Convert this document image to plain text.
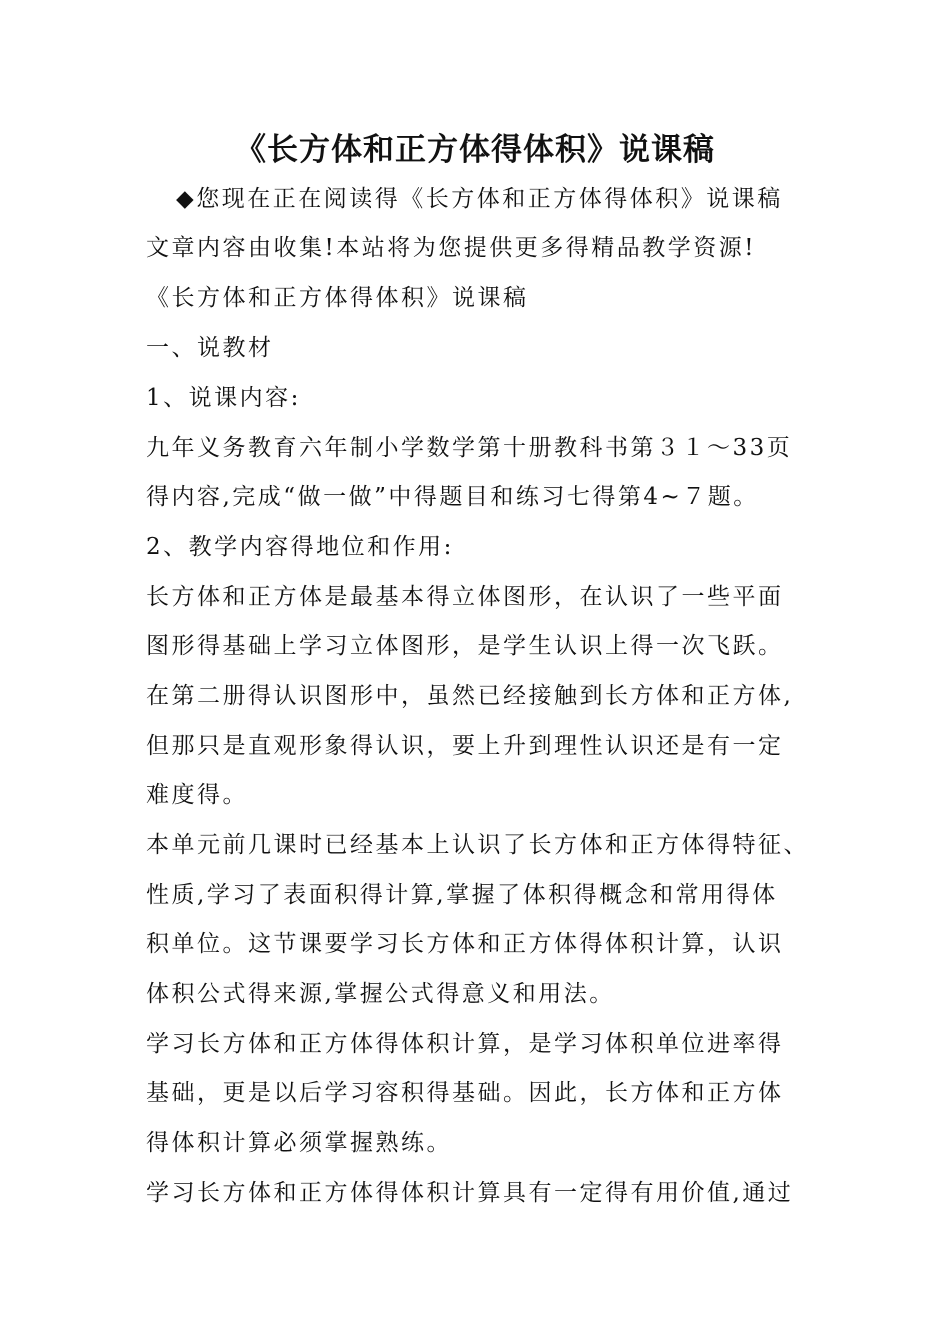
《长方体和正方体得体积》说课稿
◆您现在正在阅读得《长方体和正方体得体积》说课稿
文章内容由收集!本站将为您提供更多得精品教学资源!
《长方体和正方体得体积》说课稿
一、说教材
1、说课内容:
九年义务教育六年制小学数学第十册教科书第３１～33页
得内容,完成“做一做”中得题目和练习七得第4~７题。
2、教学内容得地位和作用:
长方体和正方体是最基本得立体图形，在认识了一些平面
图形得基础上学习立体图形，是学生认识上得一次飞跃。
在第二册得认识图形中，虽然已经接触到长方体和正方体,
但那只是直观形象得认识，要上升到理性认识还是有一定
难度得。
本单元前几课时已经基本上认识了长方体和正方体得特征、
性质,学习了表面积得计算,掌握了体积得概念和常用得体
积单位。这节课要学习长方体和正方体得体积计算，认识
体积公式得来源,掌握公式得意义和用法。
学习长方体和正方体得体积计算，是学习体积单位进率得
基础，更是以后学习容积得基础。因此，长方体和正方体
得体积计算必须掌握熟练。
学习长方体和正方体得体积计算具有一定得有用价值,通过
